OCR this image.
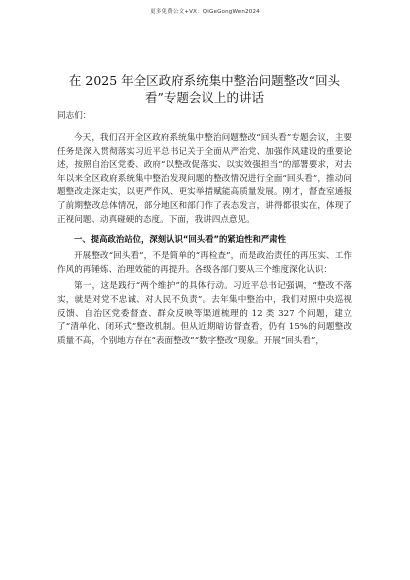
更多免费公文+VX：QiGeGongWen2024
在 2025 年全区政府系统集中整治问题整改“回头看”专题会议上的讲话
同志们：

今天，我们召开全区政府系统集中整治问题整改“回头看”专题会议，主要任务是深入贯彻落实习近平总书记关于全面从严治党、加强作风建设的重要论述，按照自治区党委、政府“以整改促落实、以实效强担当”的部署要求，对去年以来全区政府系统集中整治发现问题的整改情况进行全面“回头看”，推动问题整改走深走实，以更严作风、更实举措赋能高质量发展。刚才，督查室通报了前期整改总体情况，部分地区和部门作了表态发言，讲得都很实在，体现了正视问题、动真碰硬的态度。下面，我讲四点意见。

一、提高政治站位，深刻认识“回头看”的紧迫性和严肃性

开展整改“回头看”，不是简单的“再检查”，而是政治责任的再压实、工作作风的再锤炼、治理效能的再提升。各级各部门要从三个维度深化认识：

第一，这是践行“两个维护”的具体行动。习近平总书记强调，“整改不落实，就是对党不忠诚、对人民不负责”。去年集中整治中，我们对照中央巡视反馈、自治区党委督查、群众反映等渠道梳理的 12 类 327 个问题，建立了“清单化、闭环式”整改机制。但从近期暗访督查看，仍有 15%的问题整改质量不高，个别地方存在“表面整改”“数字整改”现象。开展“回头看”，
